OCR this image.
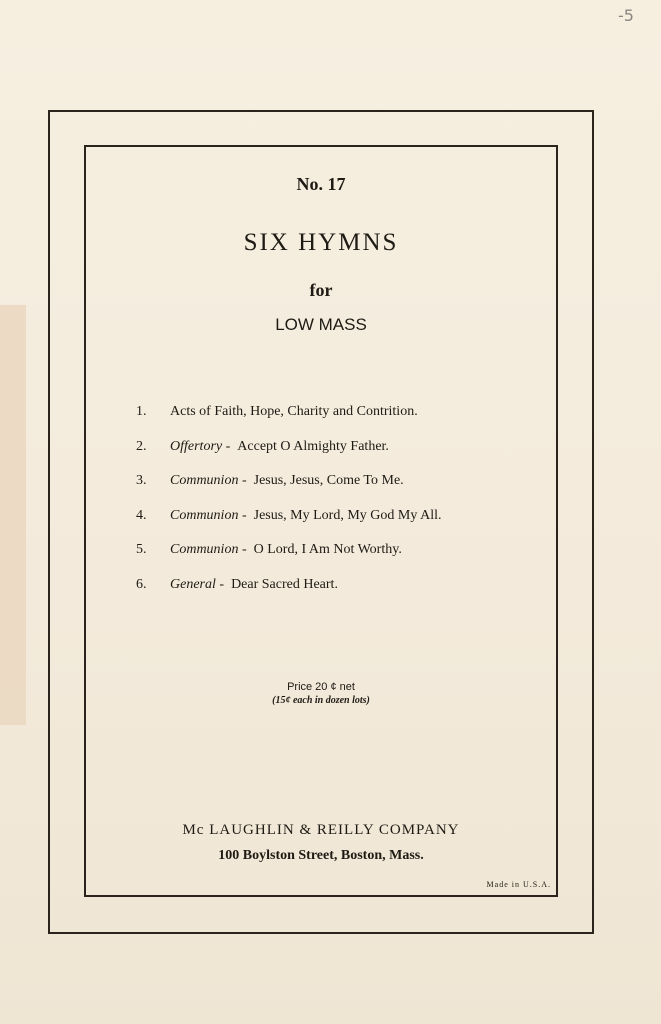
-5
No. 17
SIX HYMNS
for
LOW MASS
1. Acts of Faith, Hope, Charity and Contrition.
2. Offertory - Accept O Almighty Father.
3. Communion - Jesus, Jesus, Come To Me.
4. Communion - Jesus, My Lord, My God My All.
5. Communion - O Lord, I Am Not Worthy.
6. General - Dear Sacred Heart.
Price 20 ¢ net
(15¢ each in dozen lots)
Mc LAUGHLIN & REILLY COMPANY
100 Boylston Street, Boston, Mass.
Made in U.S.A.
